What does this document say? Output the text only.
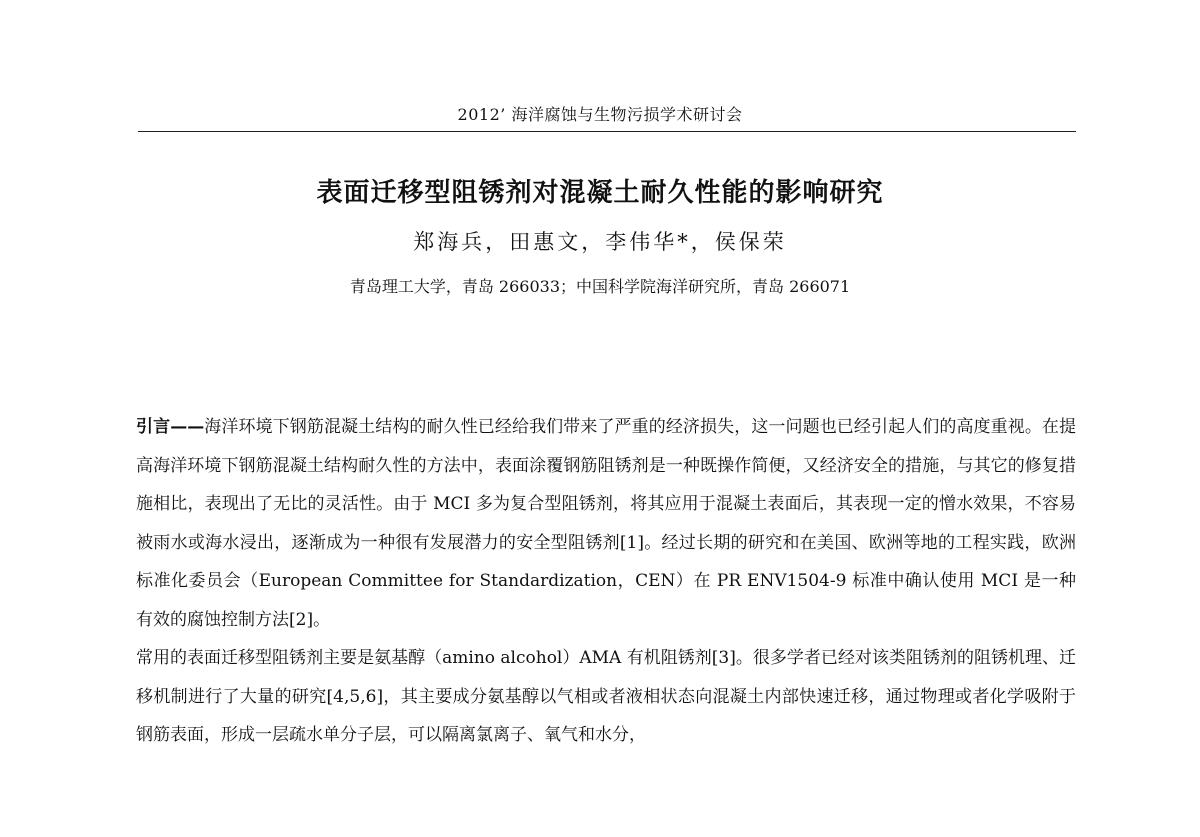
2012’ 海洋腐蚀与生物污损学术研讨会
表面迁移型阻锈剂对混凝土耐久性能的影响研究
郑海兵，田惠文，李伟华*，侯保荣
青岛理工大学，青岛 266033；中国科学院海洋研究所，青岛 266071

引言——海洋环境下钢筋混凝土结构的耐久性已经给我们带来了严重的经济损失，这一问题也已经引起人们的高度重视。在提高海洋环境下钢筋混凝土结构耐久性的方法中，表面涂覆钢筋阻锈剂是一种既操作简便，又经济安全的措施，与其它的修复措施相比，表现出了无比的灵活性。由于 MCI 多为复合型阻锈剂，将其应用于混凝土表面后，其表现一定的憎水效果，不容易被雨水或海水浸出，逐渐成为一种很有发展潜力的安全型阻锈剂[1]。经过长期的研究和在美国、欧洲等地的工程实践，欧洲标准化委员会（European Committee for Standardization，CEN）在 PR ENV1504-9 标准中确认使用 MCI 是一种有效的腐蚀控制方法[2]。

常用的表面迁移型阻锈剂主要是氨基醇（amino alcohol）AMA 有机阻锈剂[3]。很多学者已经对该类阻锈剂的阻锈机理、迁移机制进行了大量的研究[4,5,6]，其主要成分氨基醇以气相或者液相状态向混凝土内部快速迁移，通过物理或者化学吸附于钢筋表面，形成一层疏水单分子层，可以隔离氯离子、氧气和水分，
